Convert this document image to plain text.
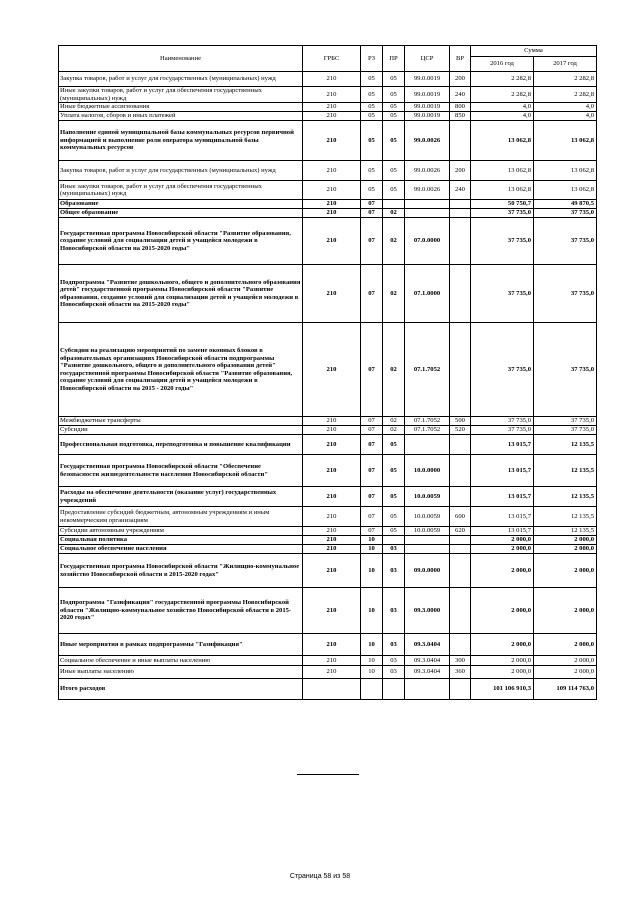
Наименование	ГРБС	РЗ	ПР	ЦСР	ВР	Сумма	
						2016 год	2017 год
Закупка товаров, работ и услуг для государственных (муниципальных) нужд	210	05	05	99.0.0019	200	2 282,8	2 282,8
Иные закупки товаров, работ и услуг для обеспечения государственных (муниципальных) нужд	210	05	05	99.0.0019	240	2 282,8	2 282,8
Иные бюджетные ассигнования	210	05	05	99.0.0019	800	4,0	4,0
Уплата налогов, сборов и иных платежей	210	05	05	99.0.0019	850	4,0	4,0
Наполнение единой муниципальной базы коммунальных ресурсов первичной информацией и выполнение роли оператора муниципальной базы коммунальных ресурсов	210	05	05	99.0.0026		13 062,8	13 062,8
Закупка товаров, работ и услуг для государственных (муниципальных) нужд	210	05	05	99.0.0026	200	13 062,8	13 062,8
Иные закупки товаров, работ и услуг для обеспечения государственных (муниципальных) нужд	210	05	05	99.0.0026	240	13 062,8	13 062,8
Образование	210	07				50 750,7	49 870,5
Общее образование	210	07	02			37 735,0	37 735,0
Государственная программа Новосибирской области "Развитие образования, создание условий для социализации детей и учащейся молодежи в Новосибирской области на 2015-2020 годы"	210	07	02	07.0.0000		37 735,0	37 735,0
Подпрограмма "Развитие дошкольного, общего и дополнительного образования детей" государственной программы Новосибирской области "Развитие образования, создание условий для социализации детей и учащейся молодежи в Новосибирской области на 2015-2020 годы"	210	07	02	07.1.0000		37 735,0	37 735,0
Субсидии на реализацию мероприятий по замене оконных блоков в образовательных организациях Новосибирской области подпрограммы "Развитие дошкольного, общего и дополнительного образования детей" государственной программы Новосибирской области "Развитие образования, создание условий для социализации детей и учащейся молодежи в Новосибирской области на 2015 - 2020 годы"	210	07	02	07.1.7052		37 735,0	37 735,0
Межбюджетные трансферты	210	07	02	07.1.7052	500	37 735,0	37 735,0
Субсидии	210	07	02	07.1.7052	520	37 735,0	37 735,0
Профессиональная подготовка, переподготовка и повышение квалификации	210	07	05			13 015,7	12 135,5
Государственная программа Новосибирской области "Обеспечение безопасности жизнедеятельности населения Новосибирской области"	210	07	05	10.0.0000		13 015,7	12 135,5
Расходы на обеспечение деятельности (оказание услуг) государственных учреждений	210	07	05	10.0.0059		13 015,7	12 135,5
Предоставление субсидий бюджетным, автономным учреждениям и иным некоммерческим организациям	210	07	05	10.0.0059	600	13 015,7	12 135,5
Субсидии автономным учреждениям	210	07	05	10.0.0059	620	13 015,7	12 135,5
Социальная политика	210	10				2 000,0	2 000,0
Социальное обеспечение населения	210	10	03			2 000,0	2 000,0
Государственная программа Новосибирской области "Жилищно-коммунальное хозяйство Новосибирской области в 2015-2020 годах"	210	10	03	09.0.0000		2 000,0	2 000,0
Подпрограмма "Газификация" государственной программы Новосибирской области "Жилищно-коммунальное хозяйство Новосибирской области в 2015-2020 годах"	210	10	03	09.3.0000		2 000,0	2 000,0
Иные мероприятия в рамках подпрограммы "Газификация"	210	10	03	09.3.0404		2 000,0	2 000,0
Социальное обеспечение и иные выплаты населению	210	10	03	09.3.0404	300	2 000,0	2 000,0
Иные выплаты населению	210	10	03	09.3.0404	360	2 000,0	2 000,0
Итого расходов						101 106 910,3	109 114 763,0
Страница 58 из 58
